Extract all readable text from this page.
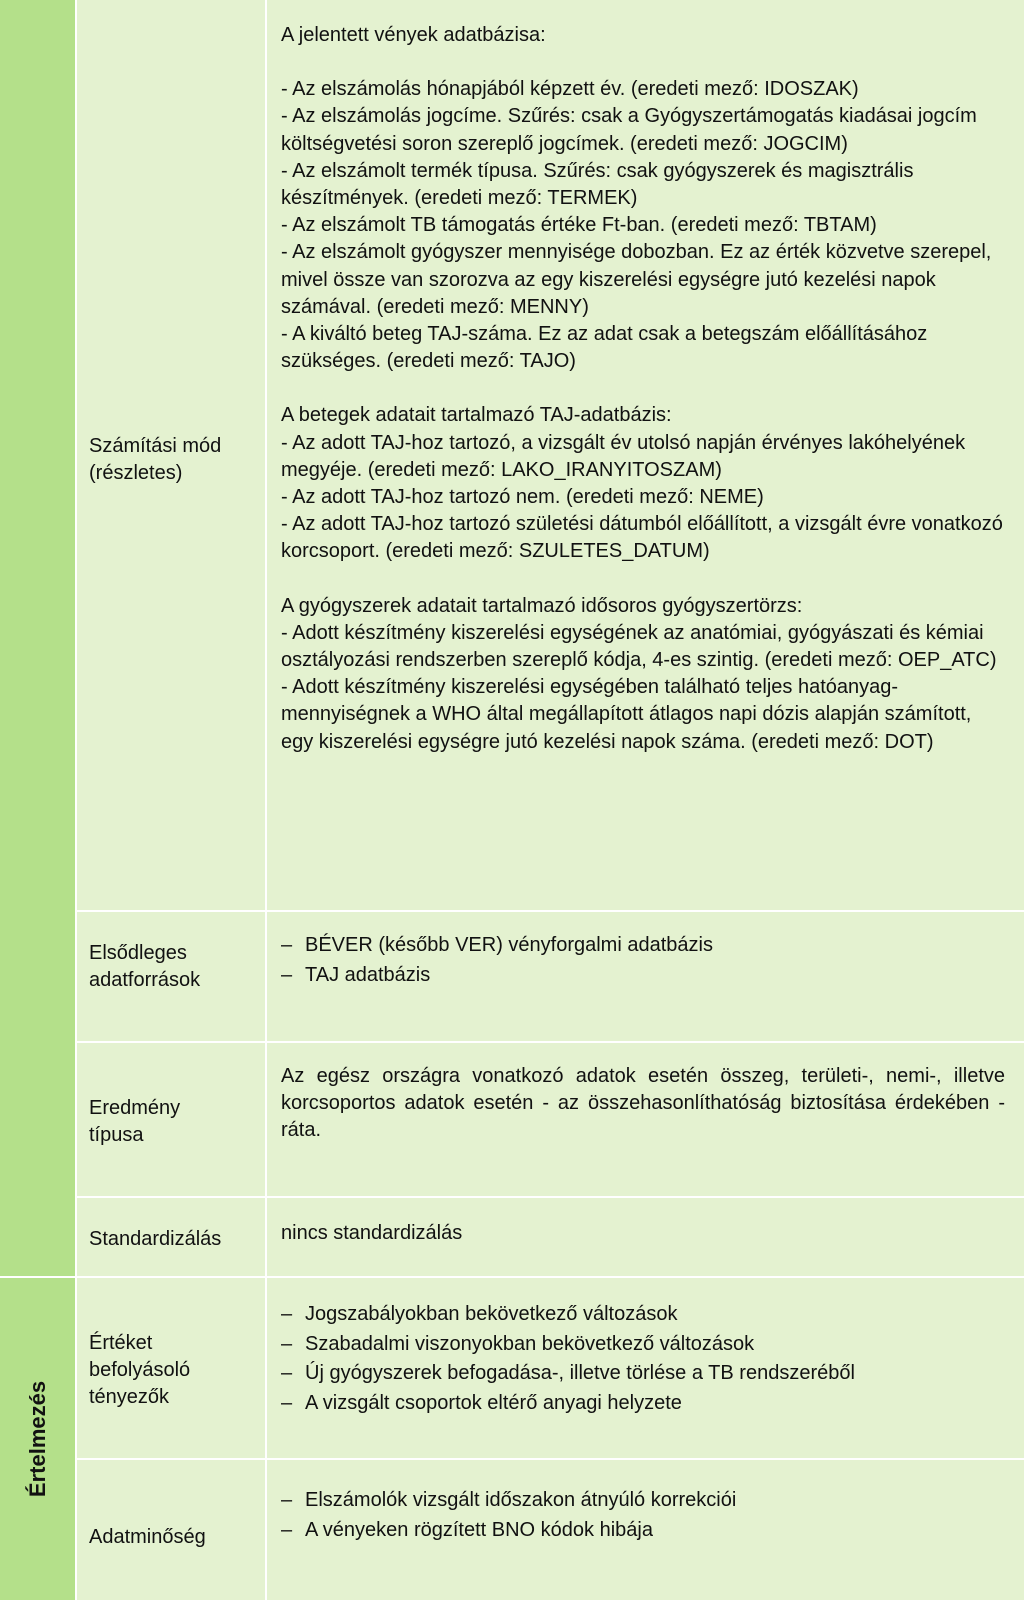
Értelmezés
Számítási mód (részletes)

A jelentett vények adatbázisa:

- Az elszámolás hónapjából képzett év. (eredeti mező: IDOSZAK)

- Az elszámolás jogcíme. Szűrés: csak a Gyógyszertámogatás kiadásai jogcím költségvetési soron szereplő jogcímek. (eredeti mező: JOGCIM)

- Az elszámolt termék típusa. Szűrés: csak gyógyszerek és magisztrális készítmények. (eredeti mező: TERMEK)

- Az elszámolt TB támogatás értéke Ft-ban. (eredeti mező: TBTAM)

- Az elszámolt gyógyszer mennyisége dobozban. Ez az érték közvetve szerepel, mivel össze van szorozva az egy kiszerelési egységre jutó kezelési napok számával. (eredeti mező: MENNY)

- A kiváltó beteg TAJ-száma. Ez az adat csak a betegszám előállításához szükséges. (eredeti mező: TAJO)

A betegek adatait tartalmazó TAJ-adatbázis:

- Az adott TAJ-hoz tartozó, a vizsgált év utolsó napján érvényes lakóhelyének megyéje. (eredeti mező: LAKO_IRANYITOSZAM)

- Az adott TAJ-hoz tartozó nem. (eredeti mező: NEME)

- Az adott TAJ-hoz tartozó születési dátumból előállított, a vizsgált évre vonatkozó korcsoport. (eredeti mező: SZULETES_DATUM)

A gyógyszerek adatait tartalmazó idősoros gyógyszertörzs:

- Adott készítmény kiszerelési egységének az anatómiai, gyógyászati és kémiai osztályozási rendszerben szereplő kódja, 4-es szintig. (eredeti mező: OEP_ATC)

- Adott készítmény kiszerelési egységében található teljes hatóanyag-mennyiségnek a WHO által megállapított átlagos napi dózis alapján számított, egy kiszerelési egységre jutó kezelési napok száma. (eredeti mező: DOT)

Elsődleges adatforrások
– BÉVER (később VER) vényforgalmi adatbázis
– TAJ adatbázis
Eredmény típusa
Az egész országra vonatkozó adatok esetén összeg, területi-, nemi-, illetve korcsoportos adatok esetén - az összehasonlíthatóság biztosítása érdekében - ráta.
Standardizálás	nincs standardizálás
Értéket befolyásoló tényezők
– Jogszabályokban bekövetkező változások
– Szabadalmi viszonyokban bekövetkező változások
– Új gyógyszerek befogadása-, illetve törlése a TB rendszeréből
– A vizsgált csoportok eltérő anyagi helyzete
Adatminőség
– Elszámolók vizsgált időszakon átnyúló korrekciói
– A vényeken rögzített BNO kódok hibája
